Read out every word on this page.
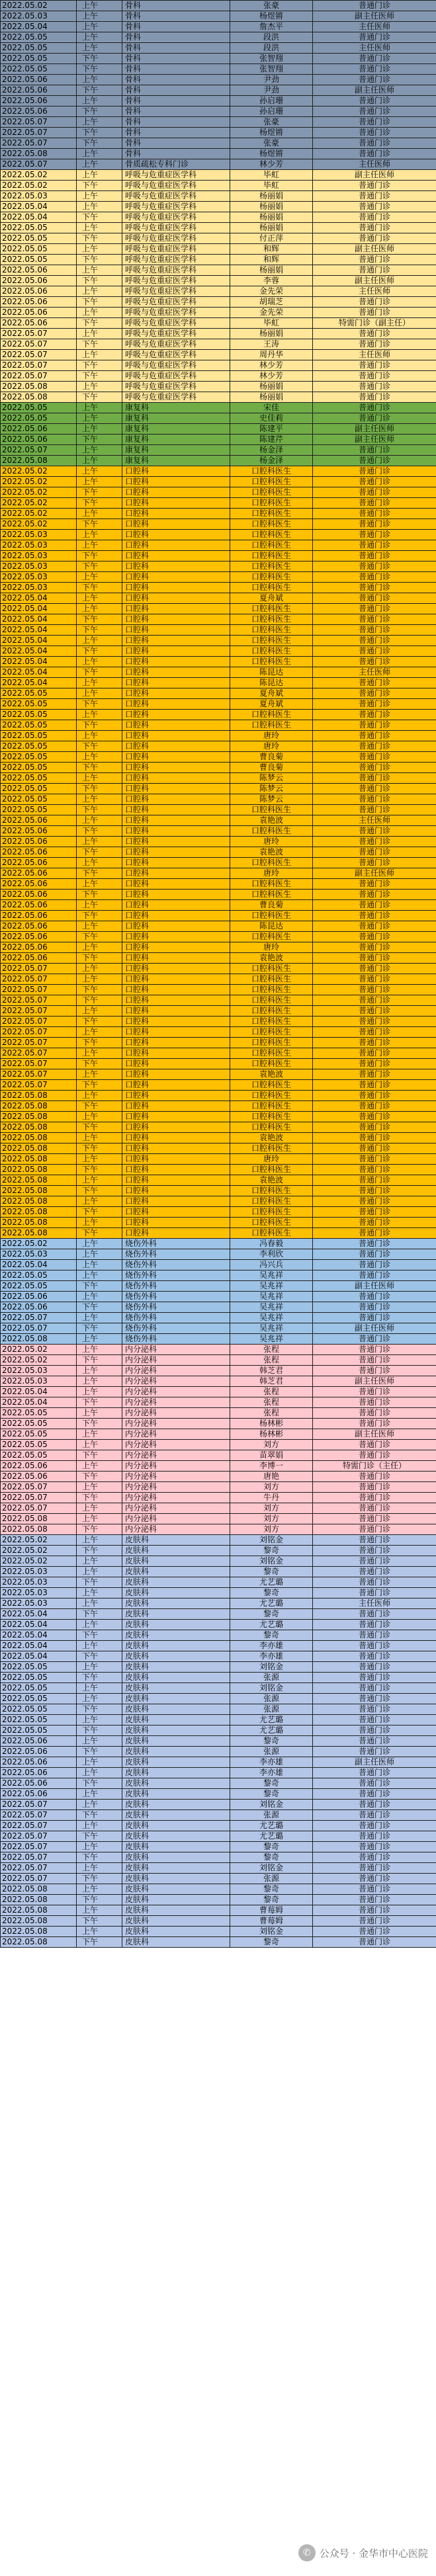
2022.05.02	上午	骨科	张豪	普通门诊
2022.05.03	上午	骨科	杨煜锵	副主任医师
2022.05.04	上午	骨科	詹杰平	主任医师
2022.05.05	上午	骨科	段洪	普通门诊
2022.05.05	上午	骨科	段洪	主任医师
2022.05.05	下午	骨科	张智翔	普通门诊
2022.05.05	下午	骨科	张智翔	普通门诊
2022.05.06	上午	骨科	尹劲	普通门诊
2022.05.06	下午	骨科	尹劲	副主任医师
2022.05.06	上午	骨科	孙启珊	普通门诊
2022.05.06	下午	骨科	孙启珊	普通门诊
2022.05.07	上午	骨科	张豪	普通门诊
2022.05.07	下午	骨科	杨煜锵	普通门诊
2022.05.07	下午	骨科	张豪	普通门诊
2022.05.08	上午	骨科	杨煜锵	普通门诊
2022.05.07	上午	骨质疏松专科门诊	林少芳	主任医师
2022.05.02	上午	呼吸与危重症医学科	毕虹	副主任医师
2022.05.02	下午	呼吸与危重症医学科	毕虹	普通门诊
2022.05.03	上午	呼吸与危重症医学科	杨丽娟	普通门诊
2022.05.04	上午	呼吸与危重症医学科	杨丽娟	普通门诊
2022.05.04	下午	呼吸与危重症医学科	杨丽娟	普通门诊
2022.05.05	上午	呼吸与危重症医学科	杨丽娟	普通门诊
2022.05.05	下午	呼吸与危重症医学科	付正萍	普通门诊
2022.05.05	上午	呼吸与危重症医学科	和辉	副主任医师
2022.05.05	下午	呼吸与危重症医学科	和辉	普通门诊
2022.05.06	上午	呼吸与危重症医学科	杨丽娟	普通门诊
2022.05.06	下午	呼吸与危重症医学科	李蓉	副主任医师
2022.05.06	上午	呼吸与危重症医学科	金先荣	主任医师
2022.05.06	下午	呼吸与危重症医学科	胡瑞芝	普通门诊
2022.05.06	上午	呼吸与危重症医学科	金先荣	普通门诊
2022.05.06	下午	呼吸与危重症医学科	毕虹	特需门诊（副主任）
2022.05.07	上午	呼吸与危重症医学科	杨丽娟	普通门诊
2022.05.07	下午	呼吸与危重症医学科	王涛	普通门诊
2022.05.07	上午	呼吸与危重症医学科	周丹华	主任医师
2022.05.07	下午	呼吸与危重症医学科	林少芳	普通门诊
2022.05.07	下午	呼吸与危重症医学科	林少芳	普通门诊
2022.05.08	上午	呼吸与危重症医学科	杨丽娟	普通门诊
2022.05.08	下午	呼吸与危重症医学科	杨丽娟	普通门诊
2022.05.05	上午	康复科	宋佳	普通门诊
2022.05.05	上午	康复科	史佳莉	普通门诊
2022.05.06	上午	康复科	陈建平	副主任医师
2022.05.06	下午	康复科	陈建芹	副主任医师
2022.05.07	上午	康复科	杨金泽	普通门诊
2022.05.08	上午	康复科	杨金泽	普通门诊
2022.05.02	上午	口腔科	口腔科医生	普通门诊
2022.05.02	上午	口腔科	口腔科医生	普通门诊
2022.05.02	下午	口腔科	口腔科医生	普通门诊
2022.05.02	下午	口腔科	口腔科医生	普通门诊
2022.05.02	上午	口腔科	口腔科医生	普通门诊
2022.05.02	下午	口腔科	口腔科医生	普通门诊
2022.05.03	上午	口腔科	口腔科医生	普通门诊
2022.05.03	上午	口腔科	口腔科医生	普通门诊
2022.05.03	下午	口腔科	口腔科医生	普通门诊
2022.05.03	下午	口腔科	口腔科医生	普通门诊
2022.05.03	上午	口腔科	口腔科医生	普通门诊
2022.05.03	下午	口腔科	口腔科医生	普通门诊
2022.05.04	上午	口腔科	夏舟斌	普通门诊
2022.05.04	上午	口腔科	口腔科医生	普通门诊
2022.05.04	下午	口腔科	口腔科医生	普通门诊
2022.05.04	下午	口腔科	口腔科医生	普通门诊
2022.05.04	上午	口腔科	口腔科医生	普通门诊
2022.05.04	下午	口腔科	口腔科医生	普通门诊
2022.05.04	上午	口腔科	口腔科医生	普通门诊
2022.05.04	下午	口腔科	陈昆达	主任医师
2022.05.04	上午	口腔科	陈昆达	普通门诊
2022.05.05	上午	口腔科	夏舟斌	普通门诊
2022.05.05	下午	口腔科	夏舟斌	普通门诊
2022.05.05	上午	口腔科	口腔科医生	普通门诊
2022.05.05	下午	口腔科	口腔科医生	普通门诊
2022.05.05	上午	口腔科	唐玲	普通门诊
2022.05.05	下午	口腔科	唐玲	普通门诊
2022.05.05	上午	口腔科	曹良菊	普通门诊
2022.05.05	下午	口腔科	曹良菊	普通门诊
2022.05.05	上午	口腔科	陈梦云	普通门诊
2022.05.05	下午	口腔科	陈梦云	普通门诊
2022.05.05	上午	口腔科	陈梦云	普通门诊
2022.05.05	下午	口腔科	口腔科医生	普通门诊
2022.05.06	上午	口腔科	袁艳波	主任医师
2022.05.06	下午	口腔科	口腔科医生	普通门诊
2022.05.06	上午	口腔科	唐玲	普通门诊
2022.05.06	下午	口腔科	袁艳波	普通门诊
2022.05.06	上午	口腔科	口腔科医生	普通门诊
2022.05.06	下午	口腔科	唐玲	副主任医师
2022.05.06	上午	口腔科	口腔科医生	普通门诊
2022.05.06	下午	口腔科	口腔科医生	普通门诊
2022.05.06	上午	口腔科	曹良菊	普通门诊
2022.05.06	下午	口腔科	口腔科医生	普通门诊
2022.05.06	上午	口腔科	陈昆达	普通门诊
2022.05.06	下午	口腔科	口腔科医生	普通门诊
2022.05.06	上午	口腔科	唐玲	普通门诊
2022.05.06	下午	口腔科	袁艳波	普通门诊
2022.05.07	上午	口腔科	口腔科医生	普通门诊
2022.05.07	上午	口腔科	口腔科医生	普通门诊
2022.05.07	下午	口腔科	口腔科医生	普通门诊
2022.05.07	下午	口腔科	口腔科医生	普通门诊
2022.05.07	上午	口腔科	口腔科医生	普通门诊
2022.05.07	下午	口腔科	口腔科医生	普通门诊
2022.05.07	上午	口腔科	口腔科医生	普通门诊
2022.05.07	下午	口腔科	口腔科医生	普通门诊
2022.05.07	上午	口腔科	口腔科医生	普通门诊
2022.05.07	下午	口腔科	口腔科医生	普通门诊
2022.05.07	上午	口腔科	袁艳波	普通门诊
2022.05.07	下午	口腔科	口腔科医生	普通门诊
2022.05.08	上午	口腔科	口腔科医生	普通门诊
2022.05.08	下午	口腔科	口腔科医生	普通门诊
2022.05.08	上午	口腔科	口腔科医生	普通门诊
2022.05.08	下午	口腔科	口腔科医生	普通门诊
2022.05.08	上午	口腔科	袁艳波	普通门诊
2022.05.08	下午	口腔科	口腔科医生	普通门诊
2022.05.08	上午	口腔科	唐玲	普通门诊
2022.05.08	下午	口腔科	口腔科医生	普通门诊
2022.05.08	上午	口腔科	袁艳波	普通门诊
2022.05.08	下午	口腔科	口腔科医生	普通门诊
2022.05.08	上午	口腔科	口腔科医生	普通门诊
2022.05.08	下午	口腔科	口腔科医生	普通门诊
2022.05.08	上午	口腔科	口腔科医生	普通门诊
2022.05.08	下午	口腔科	口腔科医生	普通门诊
2022.05.02	上午	烧伤外科	冯春毅	普通门诊
2022.05.03	上午	烧伤外科	李利欣	普通门诊
2022.05.04	上午	烧伤外科	冯兴兵	普通门诊
2022.05.05	上午	烧伤外科	吴兆祥	普通门诊
2022.05.05	下午	烧伤外科	吴兆祥	副主任医师
2022.05.06	上午	烧伤外科	吴兆祥	普通门诊
2022.05.06	下午	烧伤外科	吴兆祥	普通门诊
2022.05.07	上午	烧伤外科	吴兆祥	普通门诊
2022.05.07	下午	烧伤外科	吴兆祥	副主任医师
2022.05.08	上午	烧伤外科	吴兆祥	普通门诊
2022.05.02	上午	内分泌科	张程	普通门诊
2022.05.02	下午	内分泌科	张程	普通门诊
2022.05.03	上午	内分泌科	韩芝君	普通门诊
2022.05.03	上午	内分泌科	韩芝君	副主任医师
2022.05.04	上午	内分泌科	张程	普通门诊
2022.05.04	下午	内分泌科	张程	普通门诊
2022.05.05	上午	内分泌科	张程	普通门诊
2022.05.05	下午	内分泌科	杨林彬	普通门诊
2022.05.05	上午	内分泌科	杨林彬	副主任医师
2022.05.05	上午	内分泌科	刘方	普通门诊
2022.05.05	下午	内分泌科	苗翠娟	普通门诊
2022.05.06	上午	内分泌科	李博一	特需门诊（主任）
2022.05.06	下午	内分泌科	唐艳	普通门诊
2022.05.07	上午	内分泌科	刘方	普通门诊
2022.05.07	下午	内分泌科	牛丹	普通门诊
2022.05.07	上午	内分泌科	刘方	普通门诊
2022.05.08	上午	内分泌科	刘方	普通门诊
2022.05.08	下午	内分泌科	刘方	普通门诊
2022.05.02	上午	皮肤科	刘铭金	普通门诊
2022.05.02	下午	皮肤科	黎奇	普通门诊
2022.05.02	上午	皮肤科	刘铭金	普通门诊
2022.05.03	上午	皮肤科	黎奇	普通门诊
2022.05.03	下午	皮肤科	尤艺璐	普通门诊
2022.05.03	上午	皮肤科	黎奇	普通门诊
2022.05.03	上午	皮肤科	尤艺璐	主任医师
2022.05.04	下午	皮肤科	黎奇	普通门诊
2022.05.04	上午	皮肤科	尤艺璐	普通门诊
2022.05.04	下午	皮肤科	黎奇	普通门诊
2022.05.04	上午	皮肤科	李亦雄	普通门诊
2022.05.04	下午	皮肤科	李亦雄	普通门诊
2022.05.05	上午	皮肤科	刘铭金	普通门诊
2022.05.05	下午	皮肤科	张源	普通门诊
2022.05.05	上午	皮肤科	刘铭金	普通门诊
2022.05.05	上午	皮肤科	张源	普通门诊
2022.05.05	下午	皮肤科	张源	普通门诊
2022.05.05	上午	皮肤科	尤艺璐	普通门诊
2022.05.05	下午	皮肤科	尤艺璐	普通门诊
2022.05.06	上午	皮肤科	黎奇	普通门诊
2022.05.06	下午	皮肤科	张源	普通门诊
2022.05.06	上午	皮肤科	李亦雄	副主任医师
2022.05.06	上午	皮肤科	李亦雄	普通门诊
2022.05.06	下午	皮肤科	黎奇	普通门诊
2022.05.06	上午	皮肤科	黎奇	普通门诊
2022.05.07	上午	皮肤科	刘铭金	普通门诊
2022.05.07	下午	皮肤科	张源	普通门诊
2022.05.07	上午	皮肤科	尤艺璐	普通门诊
2022.05.07	下午	皮肤科	尤艺璐	普通门诊
2022.05.07	上午	皮肤科	黎奇	普通门诊
2022.05.07	下午	皮肤科	黎奇	普通门诊
2022.05.07	上午	皮肤科	刘铭金	普通门诊
2022.05.07	下午	皮肤科	张源	普通门诊
2022.05.08	上午	皮肤科	黎奇	普通门诊
2022.05.08	下午	皮肤科	黎奇	普通门诊
2022.05.08	上午	皮肤科	曹莓姆	普通门诊
2022.05.08	下午	皮肤科	曹莓姆	普通门诊
2022.05.08	上午	皮肤科	刘铭金	普通门诊
2022.05.08	下午	皮肤科	黎奇	普通门诊
✆ 公众号 · 金华市中心医院
